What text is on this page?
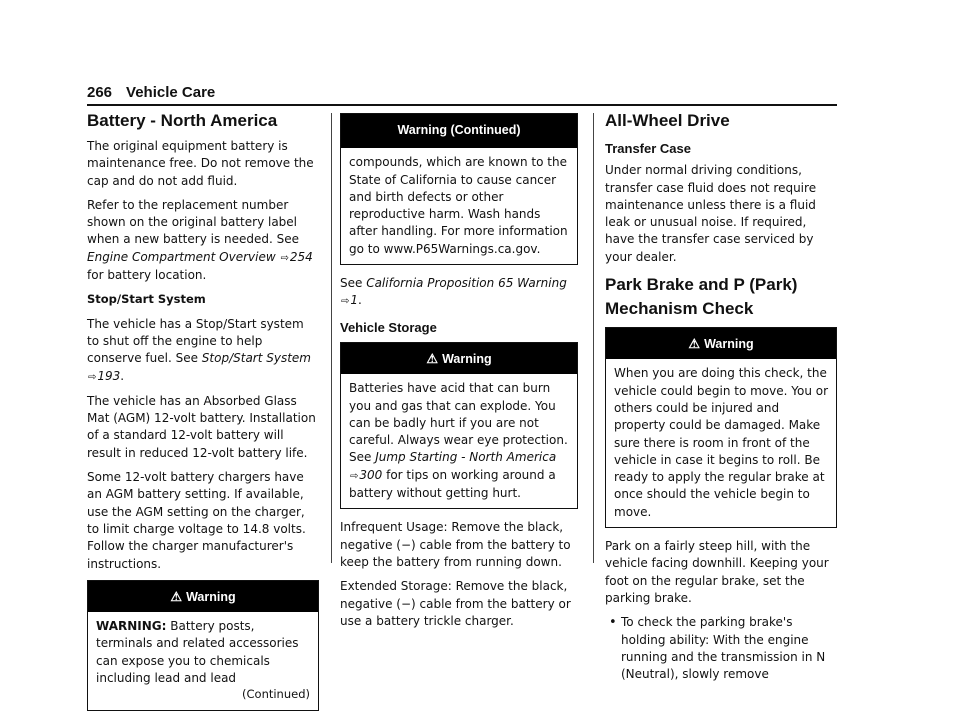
266 Vehicle Care
Battery - North America

The original equipment battery is maintenance free. Do not remove the cap and do not add fluid.

Refer to the replacement number shown on the original battery label when a new battery is needed. See Engine Compartment Overview ⇨254 for battery location.

Stop/Start System

The vehicle has a Stop/Start system to shut off the engine to help conserve fuel. See Stop/Start System ⇨193.

The vehicle has an Absorbed Glass Mat (AGM) 12-volt battery. Installation of a standard 12-volt battery will result in reduced 12-volt battery life.

Some 12-volt battery chargers have an AGM battery setting. If available, use the AGM setting on the charger, to limit charge voltage to 14.8 volts. Follow the charger manufacturer's instructions.

⚠ Warning

WARNING: Battery posts, terminals and related accessories can expose you to chemicals including lead and lead

(Continued)
Warning (Continued)

compounds, which are known to the State of California to cause cancer and birth defects or other reproductive harm. Wash hands after handling. For more information go to www.P65Warnings.ca.gov.

See California Proposition 65 Warning ⇨1.

Vehicle Storage
⚠ Warning

Batteries have acid that can burn you and gas that can explode. You can be badly hurt if you are not careful. Always wear eye protection. See Jump Starting - North America ⇨300 for tips on working around a battery without getting hurt.

Infrequent Usage: Remove the black, negative (−) cable from the battery to keep the battery from running down.

Extended Storage: Remove the black, negative (−) cable from the battery or use a battery trickle charger.

All-Wheel Drive
Transfer Case

Under normal driving conditions, transfer case fluid does not require maintenance unless there is a fluid leak or unusual noise. If required, have the transfer case serviced by your dealer.

Park Brake and P (Park) Mechanism Check
⚠ Warning

When you are doing this check, the vehicle could begin to move. You or others could be injured and property could be damaged. Make sure there is room in front of the vehicle in case it begins to roll. Be ready to apply the regular brake at once should the vehicle begin to move.

Park on a fairly steep hill, with the vehicle facing downhill. Keeping your foot on the regular brake, set the parking brake.

• To check the parking brake's holding ability: With the engine running and the transmission in N (Neutral), slowly remove
